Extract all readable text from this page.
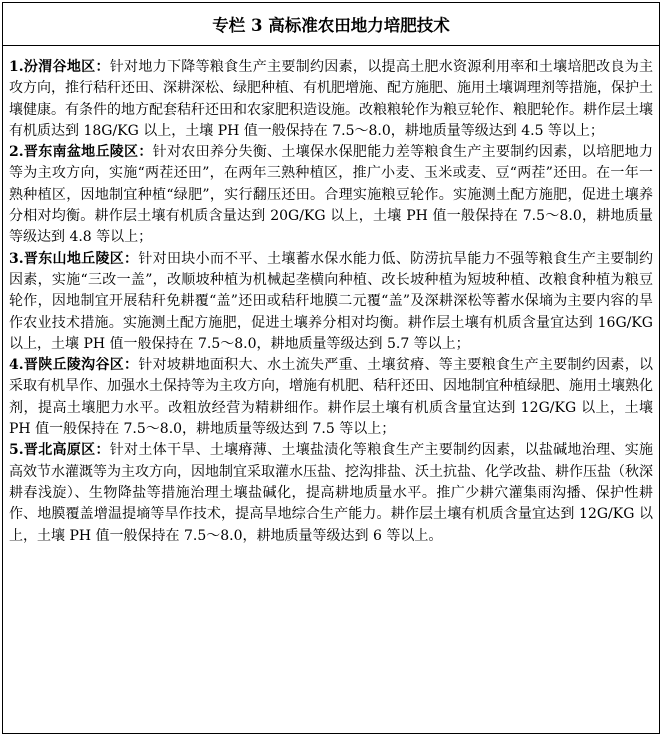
专栏 3 高标准农田地力培肥技术

1.汾渭谷地区：针对地力下降等粮食生产主要制约因素，以提高土肥水资源利用率和土壤培肥改良为主攻方向，推行秸秆还田、深耕深松、绿肥种植、有机肥增施、配方施肥、施用土壤调理剂等措施，保护土壤健康。有条件的地方配套秸秆还田和农家肥积造设施。改粮粮轮作为粮豆轮作、粮肥轮作。耕作层土壤有机质达到 18G/KG 以上，土壤 PH 值一般保持在 7.5～8.0，耕地质量等级达到 4.5 等以上；

2.晋东南盆地丘陵区：针对农田养分失衡、土壤保水保肥能力差等粮食生产主要制约因素，以培肥地力等为主攻方向，实施“两茬还田”，在两年三熟种植区，推广小麦、玉米或麦、豆“两茬”还田。在一年一熟种植区，因地制宜种植“绿肥”，实行翻压还田。合理实施粮豆轮作。实施测土配方施肥，促进土壤养分相对均衡。耕作层土壤有机质含量达到 20G/KG 以上，土壤 PH 值一般保持在 7.5～8.0，耕地质量等级达到 4.8 等以上；

3.晋东山地丘陵区：针对田块小而不平、土壤蓄水保水能力低、防涝抗旱能力不强等粮食生产主要制约因素，实施“三改一盖”，改顺坡种植为机械起垄横向种植、改长坡种植为短坡种植、改粮食种植为粮豆轮作，因地制宜开展秸秆免耕覆“盖”还田或秸秆地膜二元覆“盖”及深耕深松等蓄水保墒为主要内容的旱作农业技术措施。实施测土配方施肥，促进土壤养分相对均衡。耕作层土壤有机质含量宜达到 16G/KG 以上，土壤 PH 值一般保持在 7.5～8.0，耕地质量等级达到 5.7 等以上；

4.晋陕丘陵沟谷区：针对坡耕地面积大、水土流失严重、土壤贫瘠、等主要粮食生产主要制约因素，以采取有机旱作、加强水土保持等为主攻方向，增施有机肥、秸秆还田、因地制宜种植绿肥、施用土壤熟化剂，提高土壤肥力水平。改粗放经营为精耕细作。耕作层土壤有机质含量宜达到 12G/KG 以上，土壤 PH 值一般保持在 7.5～8.0，耕地质量等级达到 7.5 等以上；

5.晋北高原区：针对土体干旱、土壤瘠薄、土壤盐渍化等粮食生产主要制约因素，以盐碱地治理、实施高效节水灌溉等为主攻方向，因地制宜采取灌水压盐、挖沟排盐、沃土抗盐、化学改盐、耕作压盐（秋深耕春浅旋）、生物降盐等措施治理土壤盐碱化，提高耕地质量水平。推广少耕穴灌集雨沟播、保护性耕作、地膜覆盖增温提墒等旱作技术，提高旱地综合生产能力。耕作层土壤有机质含量宜达到 12G/KG 以上，土壤 PH 值一般保持在 7.5～8.0，耕地质量等级达到 6 等以上。
